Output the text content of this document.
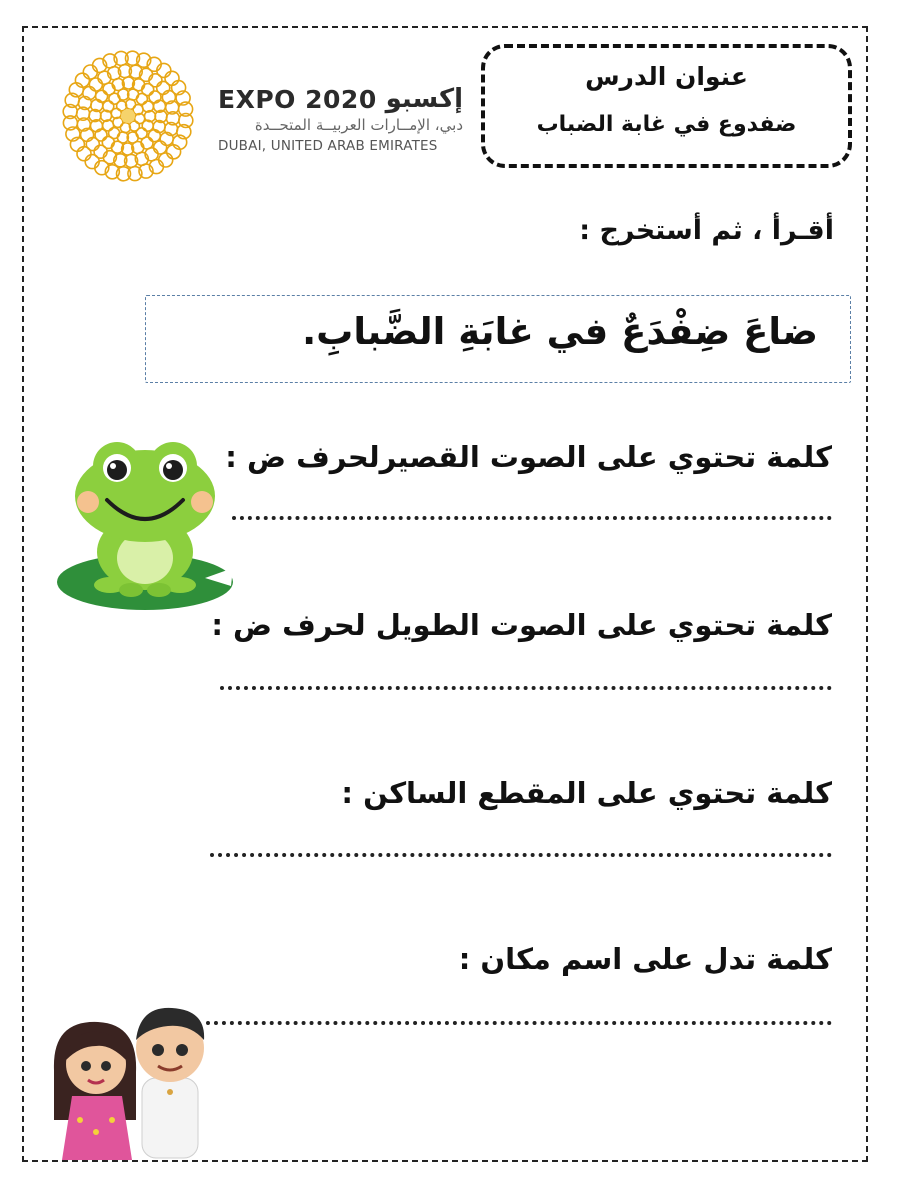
EXPO 2020 إكسبو
دبي، الإمــارات العربيــة المتحــدة
DUBAI, UNITED ARAB EMIRATES
عنوان الدرس
ضفدوع في غابة الضباب
أقـرأ ، ثم أستخرج :
ضاعَ ضِفْدَعٌ في غابَةِ الضَّبابِ.
كلمة تحتوي على الصوت القصيرلحرف ض :
كلمة تحتوي على الصوت الطويل لحرف ض :
كلمة تحتوي على المقطع الساكن :
كلمة تدل على اسم مكان :
